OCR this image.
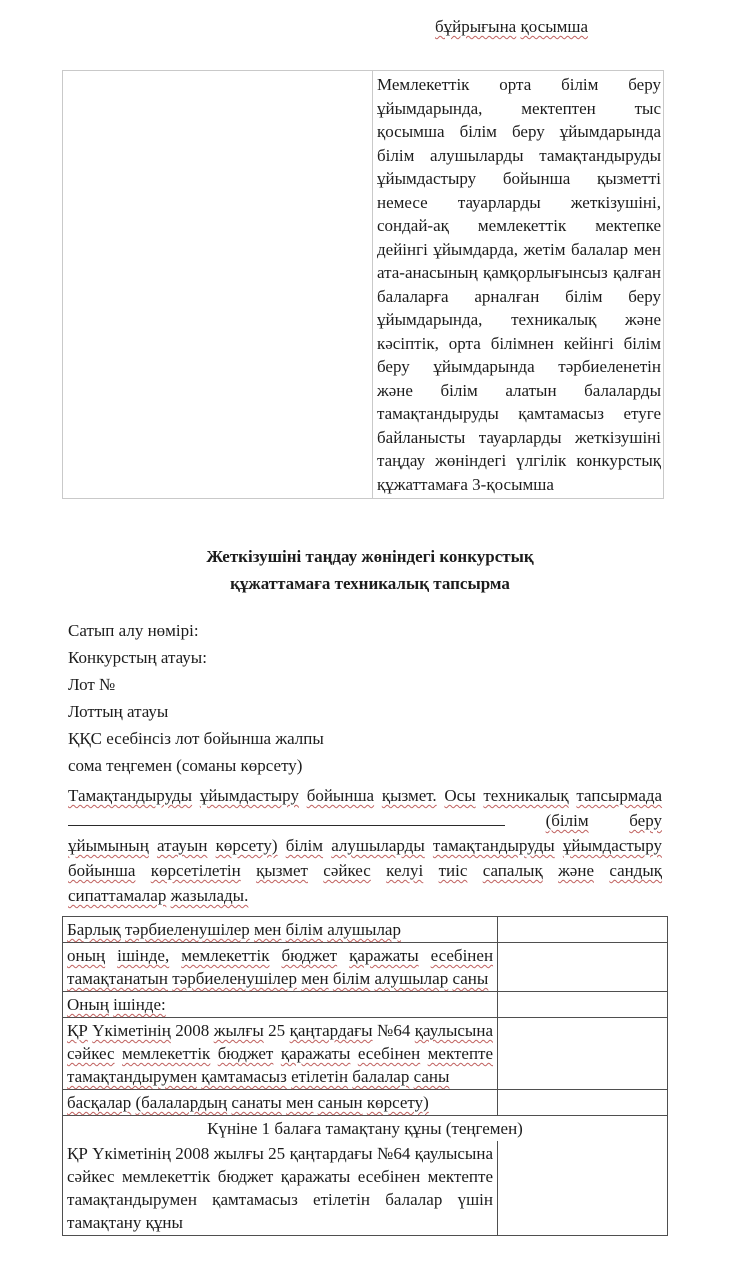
бұйрығына қосымша
	Мемлекеттік орта білім беру ұйымдарында, мектептен тыс қосымша білім беру ұйымдарында білім алушыларды тамақтандыруды ұйымдастыру бойынша қызметті немесе тауарларды жеткізушіні, сондай-ақ мемлекеттік мектепке дейінгі ұйымдарда, жетім балалар мен ата-анасының қамқорлығынсыз қалған балаларға арналған білім беру ұйымдарында, техникалық және кәсіптік, орта білімнен кейінгі білім беру ұйымдарында тәрбиеленетін және білім алатын балаларды тамақтандыруды қамтамасыз етуге байланысты тауарларды жеткізушіні таңдау жөніндегі үлгілік конкурстық құжаттамаға 3-қосымша
Жеткізушіні таңдау жөніндегі конкурстық
құжаттамаға техникалық тапсырма
Сатып алу нөмірі:
Конкурстың атауы:
Лот №
Лоттың атауы
ҚҚС есебінсіз лот бойынша жалпы
сома теңгемен (соманы көрсету)

Тамақтандыруды ұйымдастыру бойынша қызмет. Осы техникалық тапсырмада  (білім беру ұйымының атауын көрсету) білім алушыларды тамақтандыруды ұйымдастыру бойынша көрсетілетін қызмет сәйкес келуі тиіс сапалық және сандық сипаттамалар жазылады.

Барлық тәрбиеленушілер мен білім алушылар	
оның ішінде, мемлекеттік бюджет қаражаты есебінен тамақтанатын тәрбиеленушілер мен білім алушылар саны	
Оның ішінде:	
ҚР Үкіметінің 2008 жылғы 25 қаңтардағы №64 қаулысына сәйкес мемлекеттік бюджет қаражаты есебінен мектепте тамақтандырумен қамтамасыз етілетін балалар саны	
басқалар (балалардың санаты мен санын көрсету)	
Күніне 1 балаға тамақтану құны (теңгемен)	
ҚР Үкіметінің 2008 жылғы 25 қаңтардағы №64 қаулысына сәйкес мемлекеттік бюджет қаражаты есебінен мектепте тамақтандырумен қамтамасыз етілетін балалар үшін тамақтану құны	
